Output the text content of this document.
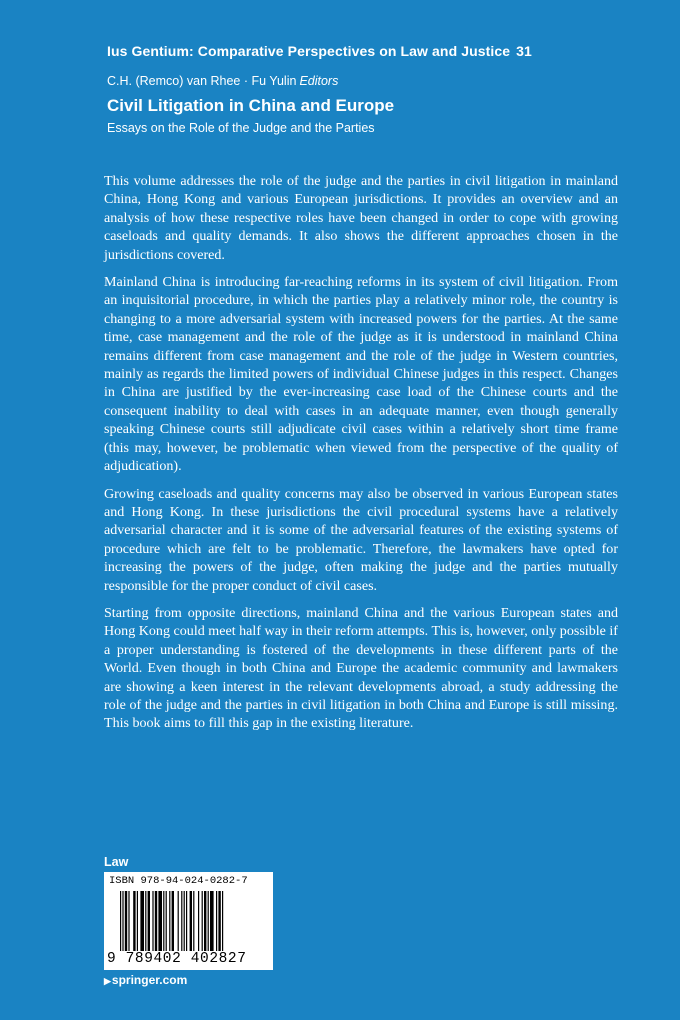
Ius Gentium: Comparative Perspectives on Law and Justice 31
C.H. (Remco) van Rhee · Fu Yulin Editors
Civil Litigation in China and Europe
Essays on the Role of the Judge and the Parties

This volume addresses the role of the judge and the parties in civil litigation in mainland China, Hong Kong and various European jurisdictions. It provides an overview and an analysis of how these respective roles have been changed in order to cope with growing caseloads and quality demands. It also shows the different approaches chosen in the jurisdictions covered.

Mainland China is introducing far-reaching reforms in its system of civil litigation. From an inquisitorial procedure, in which the parties play a relatively minor role, the country is changing to a more adversarial system with increased powers for the parties. At the same time, case management and the role of the judge as it is understood in mainland China remains different from case management and the role of the judge in Western countries, mainly as regards the limited powers of individual Chinese judges in this respect. Changes in China are justified by the ever-increasing case load of the Chinese courts and the consequent inability to deal with cases in an adequate manner, even though generally speaking Chinese courts still adjudicate civil cases within a relatively short time frame (this may, however, be problematic when viewed from the perspective of the quality of adjudication).

Growing caseloads and quality concerns may also be observed in various European states and Hong Kong. In these jurisdictions the civil procedural systems have a relatively adversarial character and it is some of the adversarial features of the existing systems of procedure which are felt to be problematic. Therefore, the lawmakers have opted for increasing the powers of the judge, often making the judge and the parties mutually responsible for the proper conduct of civil cases.

Starting from opposite directions, mainland China and the various European states and Hong Kong could meet half way in their reform attempts. This is, however, only possible if a proper understanding is fostered of the developments in these different parts of the World. Even though in both China and Europe the academic community and lawmakers are showing a keen interest in the relevant developments abroad, a study addressing the role of the judge and the parties in civil litigation in both China and Europe is still missing. This book aims to fill this gap in the existing literature.

Law
ISBN 978-94-024-0282-7
9 789402 402827
▶springer.com
